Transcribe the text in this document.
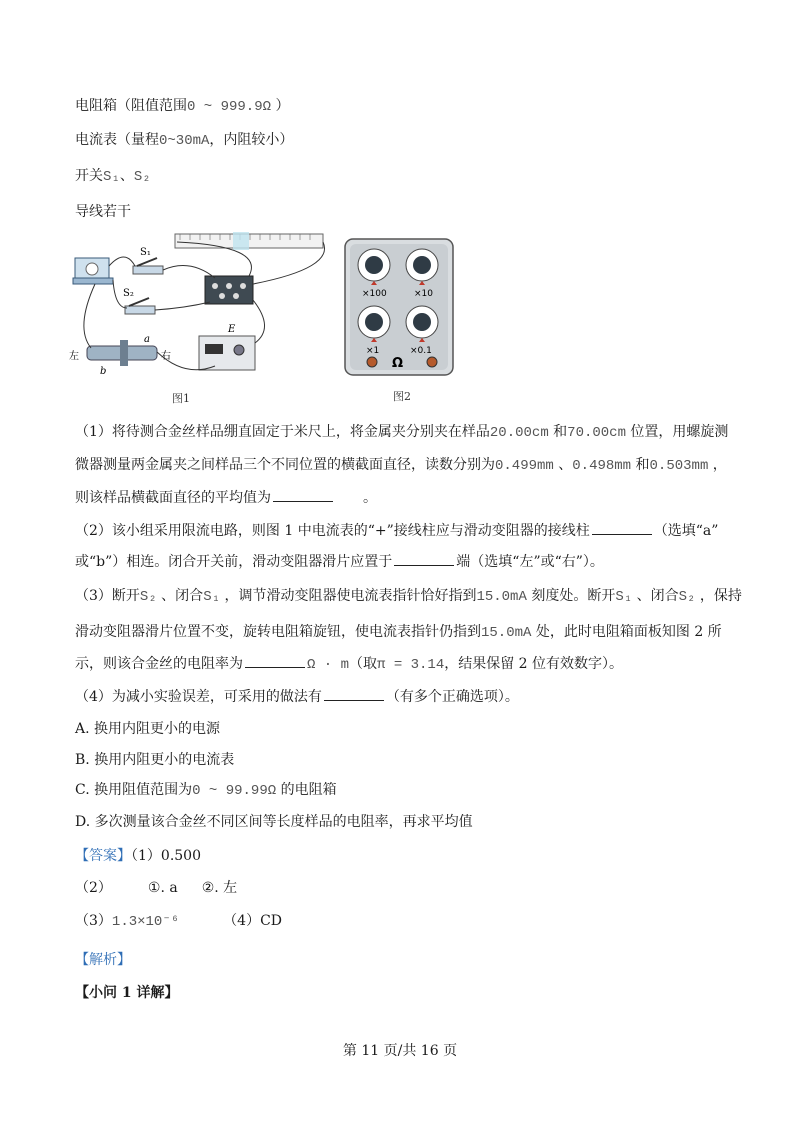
电阻箱（阻值范围0 ~ 999.9Ω ）
电流表（量程0~30mA，内阻较小）
开关S₁、S₂
导线若干
S₁
S₂
a
b
左	右
E
图1
×100	×10
×1	×0.1
Ω
图2
（1）将待测合金丝样品绷直固定于米尺上，将金属夹分别夹在样品20.00cm 和70.00cm 位置，用螺旋测
微器测量两金属夹之间样品三个不同位置的横截面直径，读数分别为0.499mm 、0.498mm 和0.503mm ，
则该样品横截面直径的平均值为	。
（2）该小组采用限流电路，则图 1 中电流表的“+”接线柱应与滑动变阻器的接线柱	（选填“a”
或“b”）相连。闭合开关前，滑动变阻器滑片应置于	端（选填“左”或“右”）。
（3）断开S₂ 、闭合S₁ ，调节滑动变阻器使电流表指针恰好指到15.0mA 刻度处。断开S₁ 、闭合S₂ ，保持
滑动变阻器滑片位置不变，旋转电阻箱旋钮，使电流表指针仍指到15.0mA 处，此时电阻箱面板知图 2 所
示，则该合金丝的电阻率为	Ω · m（取π = 3.14，结果保留 2 位有效数字）。
（4）为减小实验误差，可采用的做法有	（有多个正确选项）。
A. 换用内阻更小的电源
B. 换用内阻更小的电流表
C. 换用阻值范围为0 ~ 99.99Ω 的电阻箱
D. 多次测量该合金丝不同区间等长度样品的电阻率，再求平均值
【答案】（1）0.500
（2）	①. a ②. 左
（3）1.3×10⁻⁶	（4）CD
【解析】
【小问 1 详解】
第 11 页/共 16 页
